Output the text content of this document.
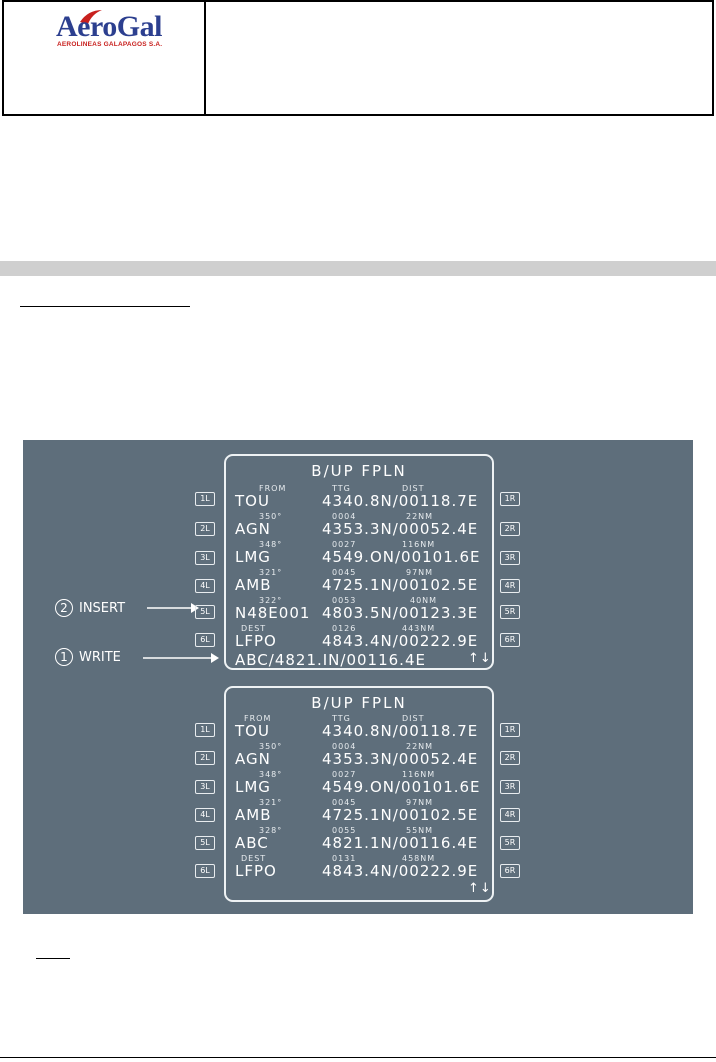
AeroGal
AEROLINEAS GALAPAGOS S.A.
2 INSERT
1 WRITE
B/UP FPLN
FROM	TTG	DIST
TOU	4340.8N/00118.7E
350°	0004	22NM
AGN	4353.3N/00052.4E
348°	0027	116NM
LMG	4549.ON/00101.6E
321°	0045	97NM
AMB	4725.1N/00102.5E
322°	0053	40NM
N48E001 4803.5N/00123.3E
DEST	0126	443NM
LFPO	4843.4N/00222.9E
ABC/4821.IN/00116.4E	↑↓
B/UP FPLN
FROM	TTG	DIST
TOU	4340.8N/00118.7E
350°	0004	22NM
AGN	4353.3N/00052.4E
348°	0027	116NM
LMG	4549.ON/00101.6E
321°	0045	97NM
AMB	4725.1N/00102.5E
328°	0055	55NM
ABC	4821.1N/00116.4E
DEST	0131	458NM
LFPO	4843.4N/00222.9E
↑↓
1L
2L
3L
4L
5L
6L
1R
2R
3R
4R
5R
6R
1L
2L
3L
4L
5L
6L
1R
2R
3R
4R
5R
6R
